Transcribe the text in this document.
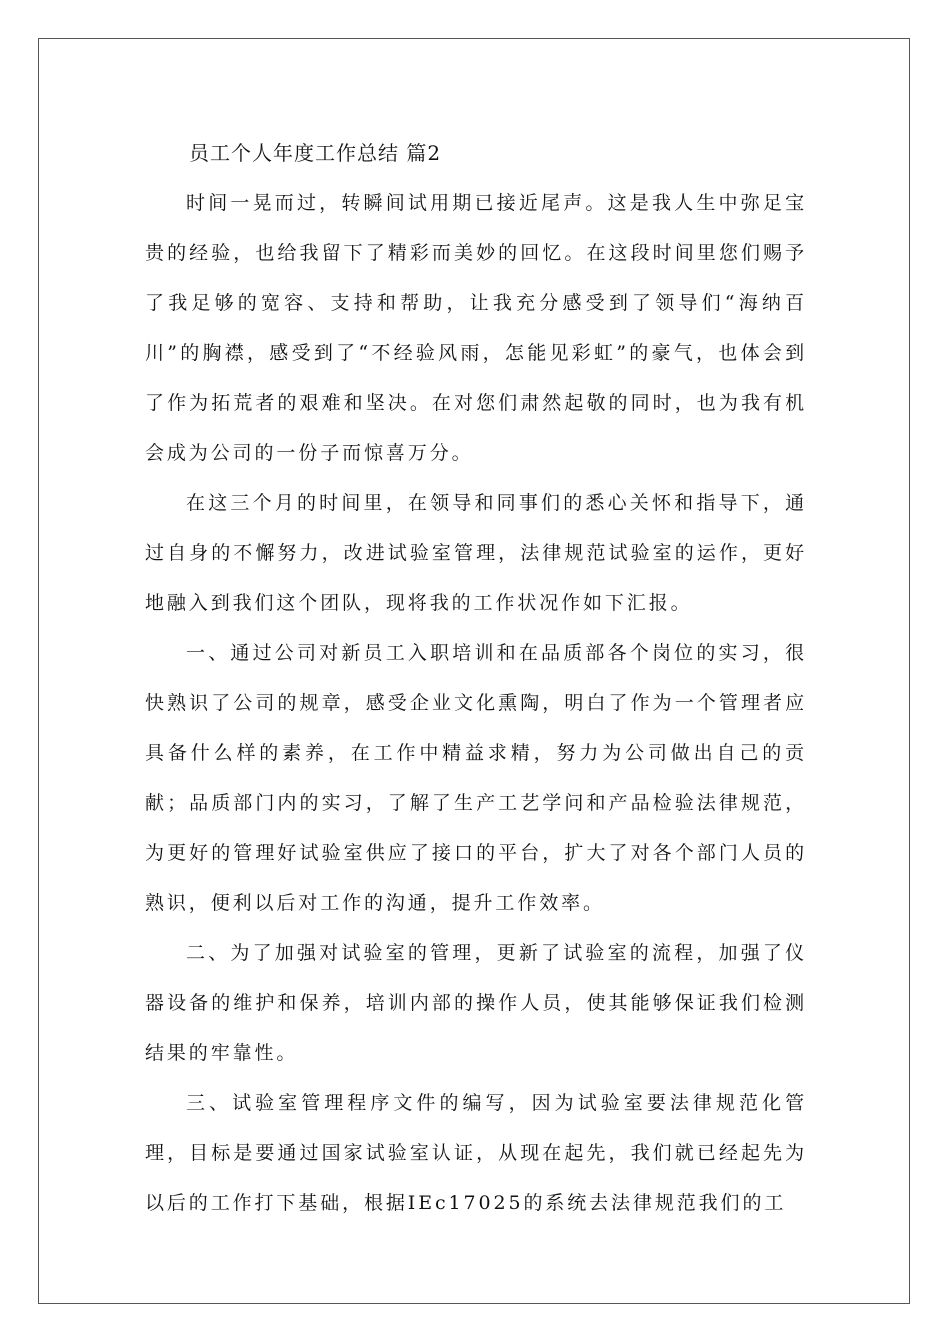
员工个人年度工作总结 篇2

时间一晃而过，转瞬间试用期已接近尾声。这是我人生中弥足宝贵的经验，也给我留下了精彩而美妙的回忆。在这段时间里您们赐予了我足够的宽容、支持和帮助，让我充分感受到了领导们“海纳百川”的胸襟，感受到了“不经验风雨，怎能见彩虹”的豪气，也体会到了作为拓荒者的艰难和坚决。在对您们肃然起敬的同时，也为我有机会成为公司的一份子而惊喜万分。

在这三个月的时间里，在领导和同事们的悉心关怀和指导下，通过自身的不懈努力，改进试验室管理，法律规范试验室的运作，更好地融入到我们这个团队，现将我的工作状况作如下汇报。

一、通过公司对新员工入职培训和在品质部各个岗位的实习，很快熟识了公司的规章，感受企业文化熏陶，明白了作为一个管理者应具备什么样的素养，在工作中精益求精，努力为公司做出自己的贡献；品质部门内的实习，了解了生产工艺学问和产品检验法律规范，为更好的管理好试验室供应了接口的平台，扩大了对各个部门人员的熟识，便利以后对工作的沟通，提升工作效率。

二、为了加强对试验室的管理，更新了试验室的流程，加强了仪器设备的维护和保养，培训内部的操作人员，使其能够保证我们检测结果的牢靠性。

三、试验室管理程序文件的编写，因为试验室要法律规范化管理，目标是要通过国家试验室认证，从现在起先，我们就已经起先为以后的工作打下基础，根据IEc17025的系统去法律规范我们的工
